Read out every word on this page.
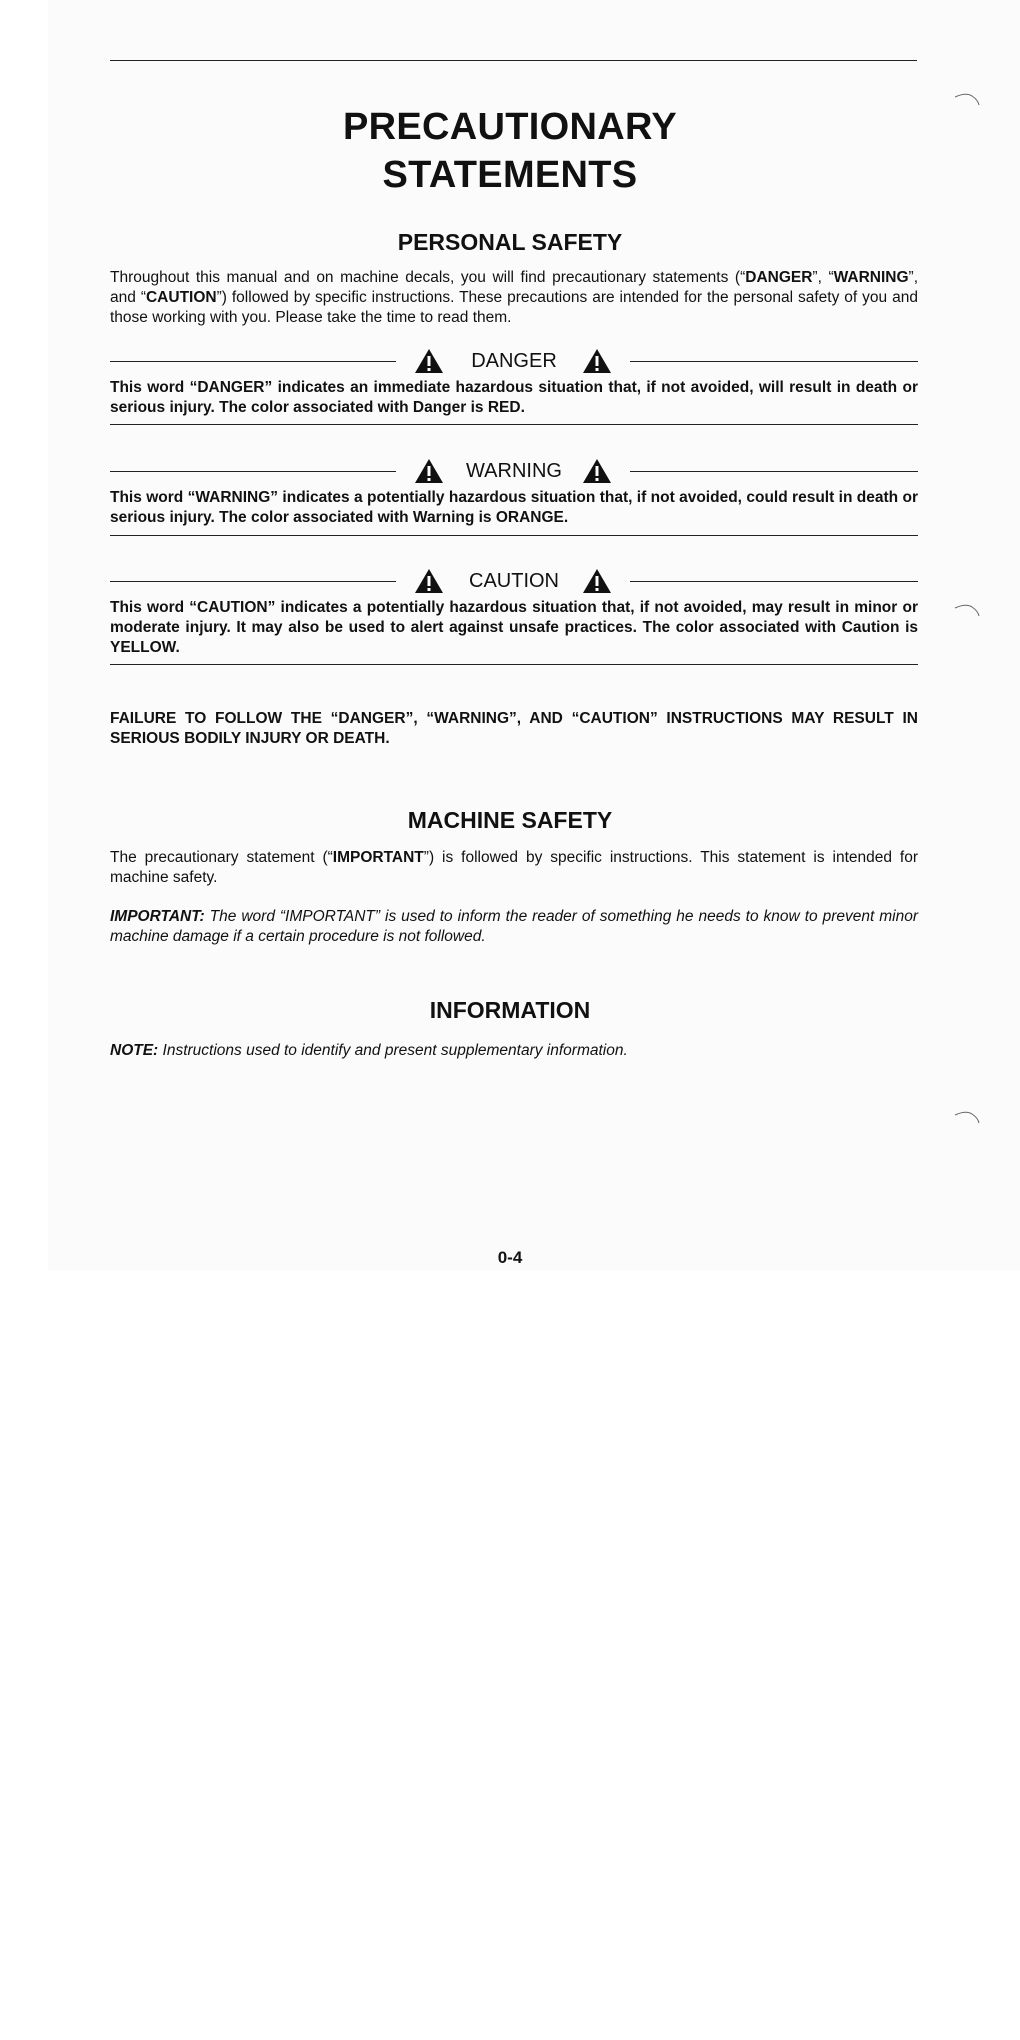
PRECAUTIONARY
STATEMENTS
PERSONAL SAFETY
Throughout this manual and on machine decals, you will find precautionary statements (“DANGER”, “WARNING”, and “CAUTION”) followed by specific instructions. These precautions are intended for the personal safety of you and those working with you. Please take the time to read them.
DANGER
This word “DANGER” indicates an immediate hazardous situation that, if not avoided, will result in death or serious injury. The color associated with Danger is RED.
WARNING
This word “WARNING” indicates a potentially hazardous situation that, if not avoided, could result in death or serious injury. The color associated with Warning is ORANGE.
CAUTION
This word “CAUTION” indicates a potentially hazardous situation that, if not avoided, may result in minor or moderate injury. It may also be used to alert against unsafe practices. The color associated with Caution is YELLOW.
FAILURE TO FOLLOW THE “DANGER”, “WARNING”, AND “CAUTION” INSTRUCTIONS MAY RESULT IN SERIOUS BODILY INJURY OR DEATH.
MACHINE SAFETY
The precautionary statement (“IMPORTANT”) is followed by specific instructions. This statement is intended for machine safety.
IMPORTANT: The word “IMPORTANT” is used to inform the reader of something he needs to know to prevent minor machine damage if a certain procedure is not followed.
INFORMATION
NOTE: Instructions used to identify and present supplementary information.
0-4
